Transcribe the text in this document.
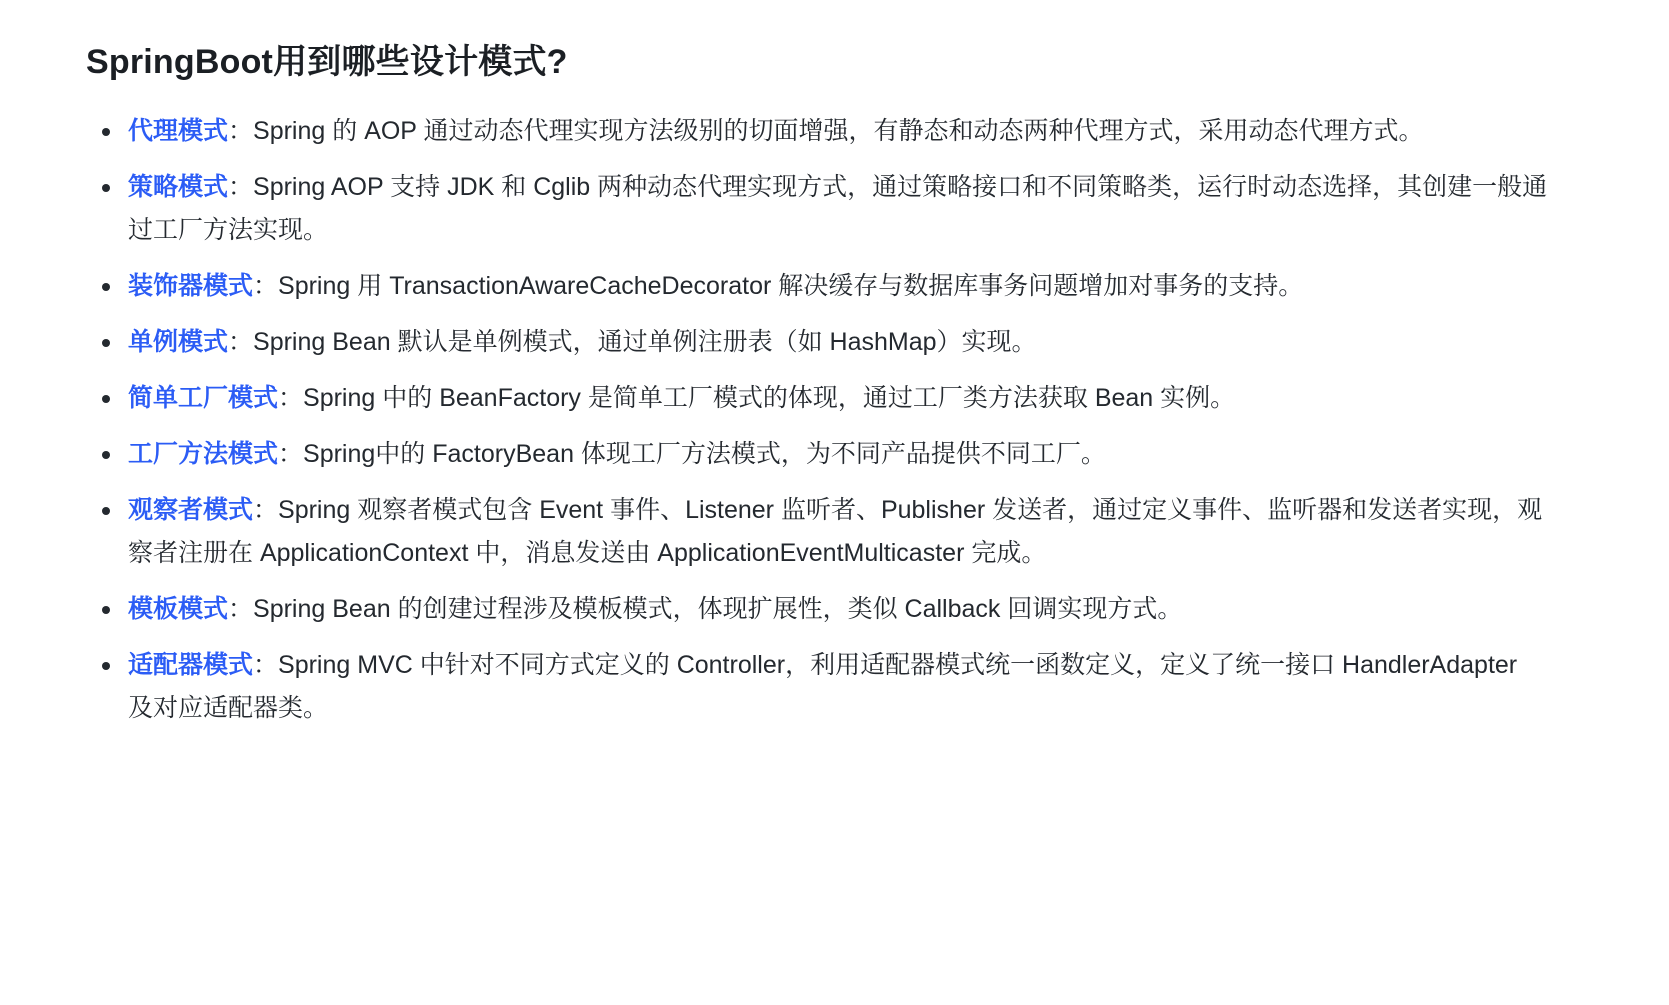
SpringBoot用到哪些设计模式?
代理模式：Spring 的 AOP 通过动态代理实现方法级别的切面增强，有静态和动态两种代理方式，采用动态代理方式。
策略模式：Spring AOP 支持 JDK 和 Cglib 两种动态代理实现方式，通过策略接口和不同策略类，运行时动态选择，其创建一般通过工厂方法实现。
装饰器模式：Spring 用 TransactionAwareCacheDecorator 解决缓存与数据库事务问题增加对事务的支持。
单例模式：Spring Bean 默认是单例模式，通过单例注册表（如 HashMap）实现。
简单工厂模式：Spring 中的 BeanFactory 是简单工厂模式的体现，通过工厂类方法获取 Bean 实例。
工厂方法模式：Spring中的 FactoryBean 体现工厂方法模式，为不同产品提供不同工厂。
观察者模式：Spring 观察者模式包含 Event 事件、Listener 监听者、Publisher 发送者，通过定义事件、监听器和发送者实现，观察者注册在 ApplicationContext 中，消息发送由 ApplicationEventMulticaster 完成。
模板模式：Spring Bean 的创建过程涉及模板模式，体现扩展性，类似 Callback 回调实现方式。
适配器模式：Spring MVC 中针对不同方式定义的 Controller，利用适配器模式统一函数定义，定义了统一接口 HandlerAdapter 及对应适配器类。
